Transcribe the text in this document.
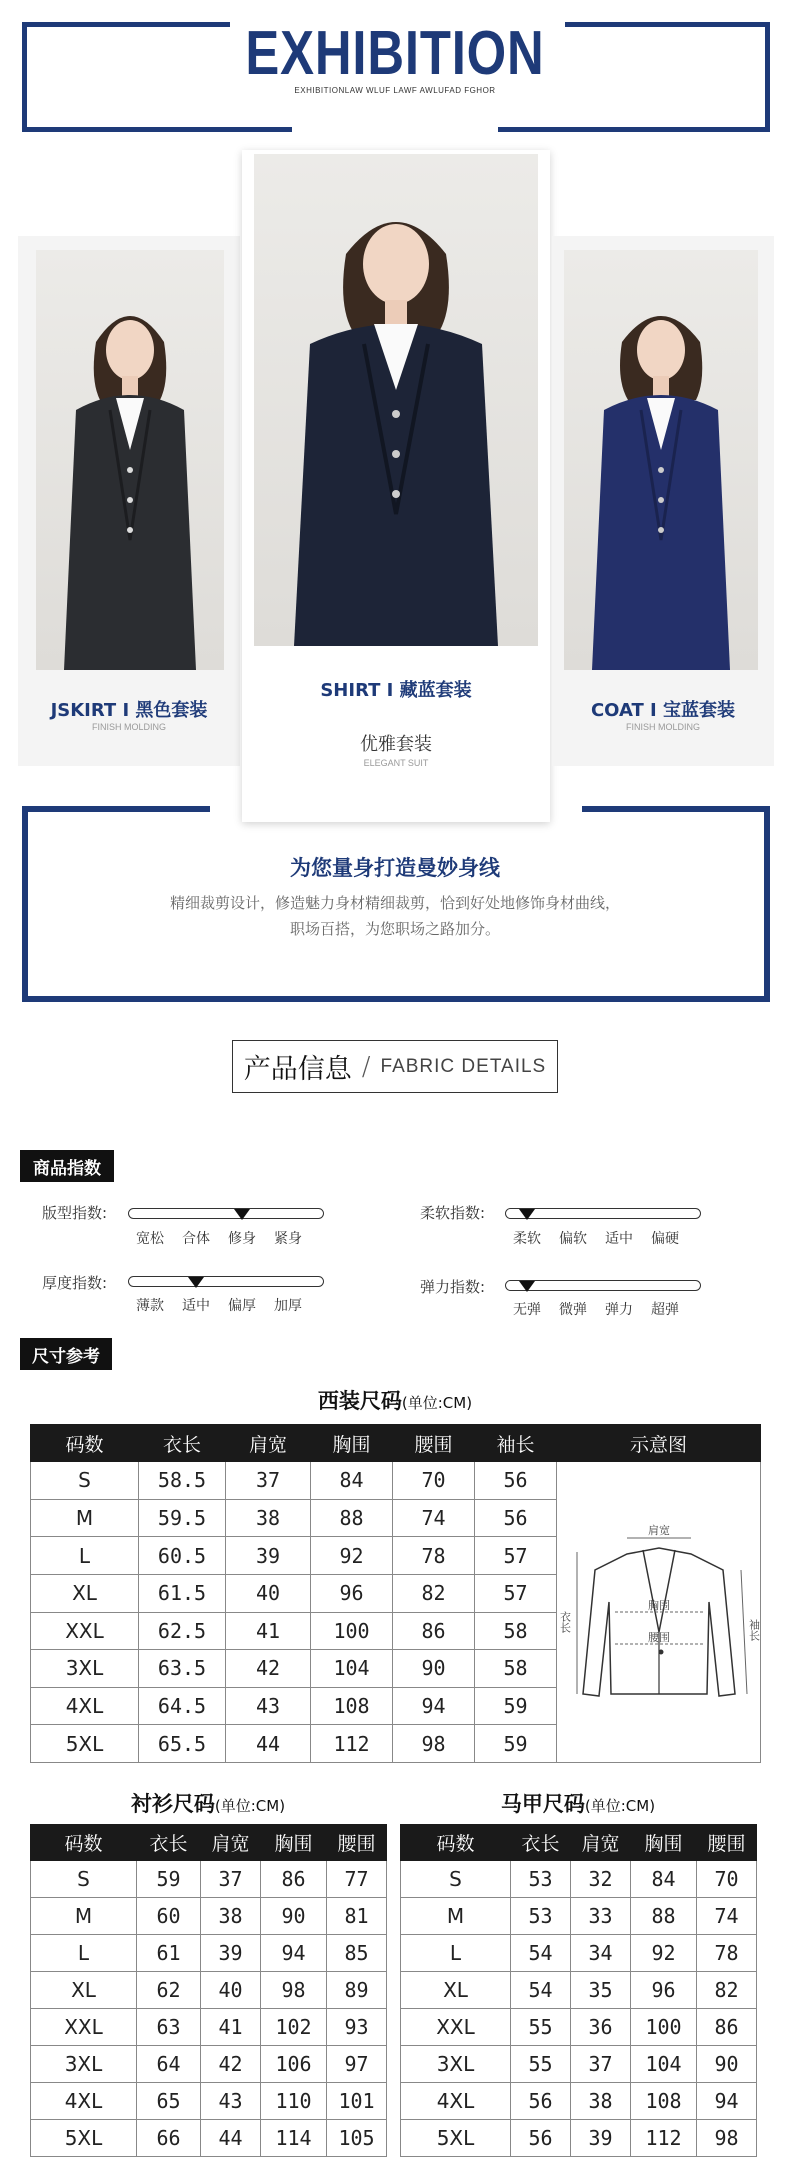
EXHIBITION
EXHIBITIONLAW WLUF LAWF AWLUFAD FGHOR
JSKIRT Ⅰ 黑色套装
FINISH MOLDING
SHIRT Ⅰ 藏蓝套装
优雅套装
ELEGANT SUIT
COAT Ⅰ 宝蓝套装
FINISH MOLDING
为您量身打造曼妙身线
精细裁剪设计，修造魅力身材精细裁剪，恰到好处地修饰身材曲线，
职场百搭，为您职场之路加分。
产品信息 / FABRIC DETAILS
商品指数
版型指数:
宽松	合体	修身	紧身
柔软指数:
柔软	偏软	适中	偏硬
厚度指数:
薄款	适中	偏厚	加厚
弹力指数:
无弹	微弹	弹力	超弹
尺寸参考
西装尺码(单位:CM)
码数	衣长	肩宽	胸围	腰围	袖长	示意图
S	58.5	37	84	70	56	肩宽
胸围
腰围
衣长 袖长

M	59.5	38	88	74	56	
L	60.5	39	92	78	57	
XL	61.5	40	96	82	57	
XXL	62.5	41	100	86	58	
3XL	63.5	42	104	90	58	
4XL	64.5	43	108	94	59	
5XL	65.5	44	112	98	59	
衬衫尺码(单位:CM)
码数	衣长	肩宽	胸围	腰围
S	59	37	86	77
M	60	38	90	81
L	61	39	94	85
XL	62	40	98	89
XXL	63	41	102	93
3XL	64	42	106	97
4XL	65	43	110	101
5XL	66	44	114	105
马甲尺码(单位:CM)
码数	衣长	肩宽	胸围	腰围
S	53	32	84	70
M	53	33	88	74
L	54	34	92	78
XL	54	35	96	82
XXL	55	36	100	86
3XL	55	37	104	90
4XL	56	38	108	94
5XL	56	39	112	98
